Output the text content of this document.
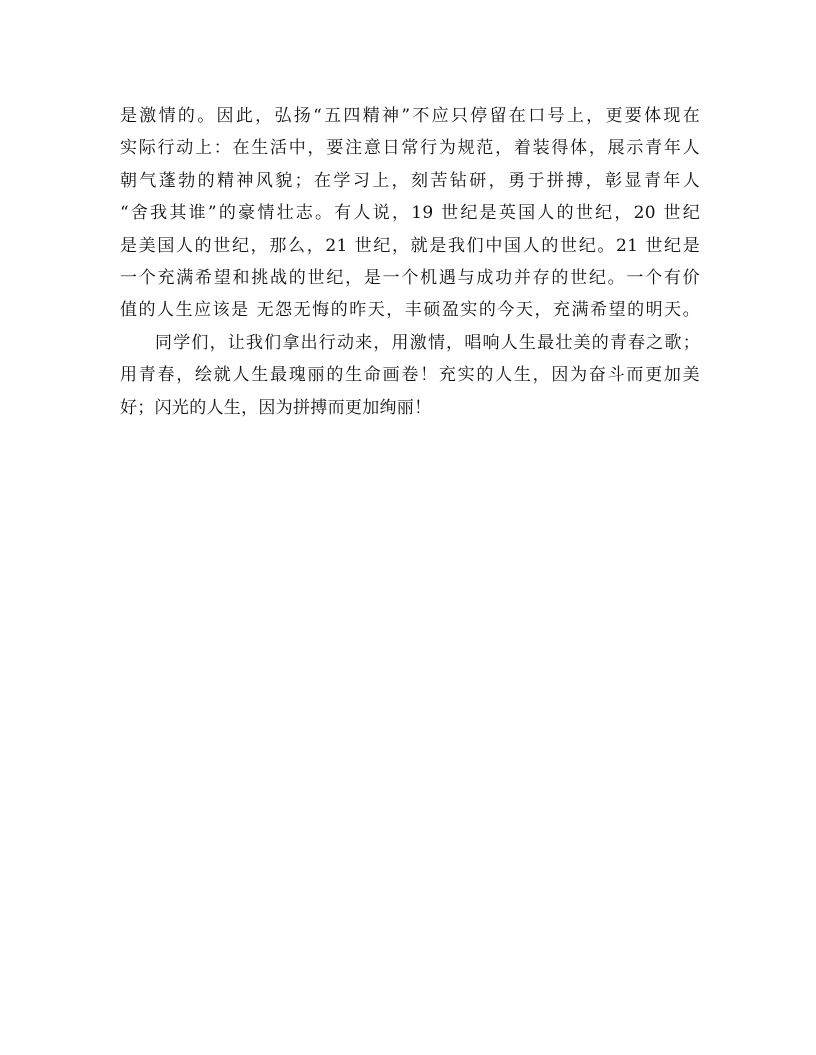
是激情的。因此，弘扬“五四精神”不应只停留在口号上，更要体现在
实际行动上：在生活中，要注意日常行为规范，着装得体，展示青年人
朝气蓬勃的精神风貌；在学习上，刻苦钻研，勇于拼搏，彰显青年人
“舍我其谁”的豪情壮志。有人说，19 世纪是英国人的世纪，20 世纪
是美国人的世纪，那么，21 世纪，就是我们中国人的世纪。21 世纪是
一个充满希望和挑战的世纪，是一个机遇与成功并存的世纪。一个有价
值的人生应该是 无怨无悔的昨天，丰硕盈实的今天，充满希望的明天。
同学们，让我们拿出行动来，用激情，唱响人生最壮美的青春之歌；
用青春，绘就人生最瑰丽的生命画卷！充实的人生，因为奋斗而更加美
好；闪光的人生，因为拼搏而更加绚丽！
